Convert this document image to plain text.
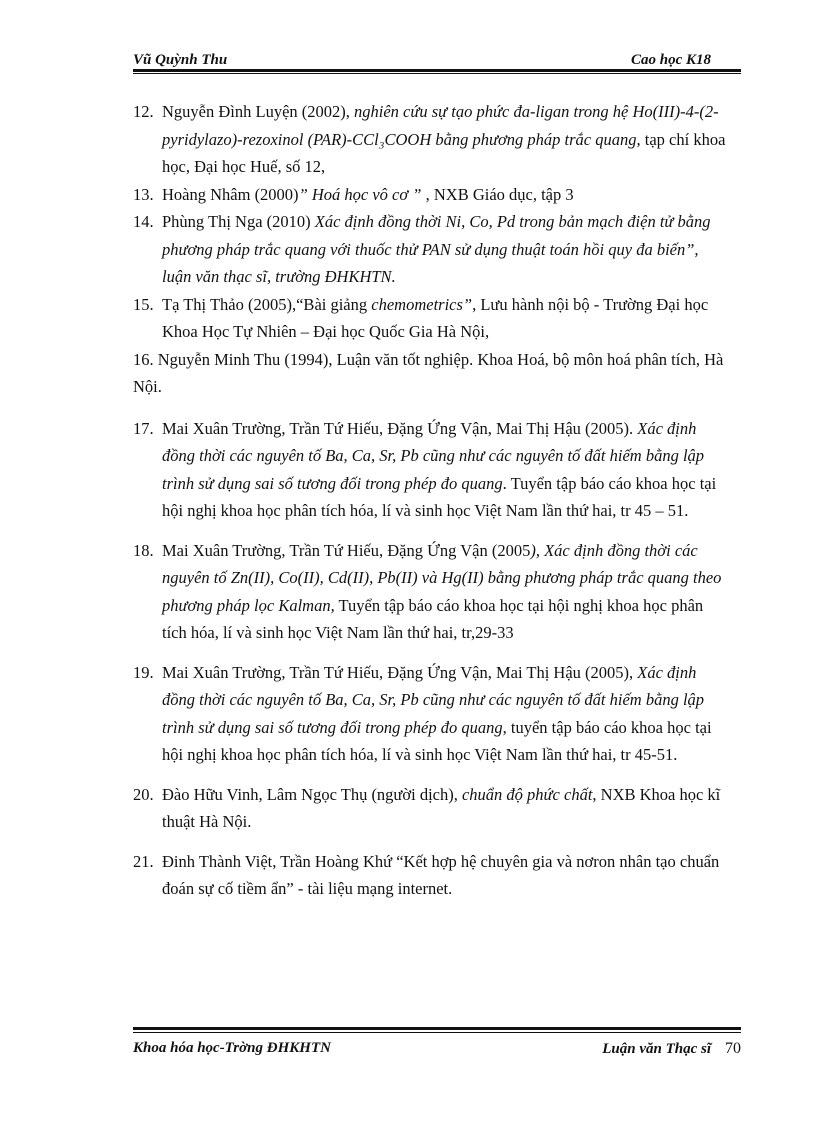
Vũ Quỳnh Thu	Cao học K18
12. Nguyễn Đình Luyện (2002), nghiên cứu sự tạo phức đa-ligan trong hệ Ho(III)-4-(2-pyridylazo)-rezoxinol (PAR)-CCl₃COOH bằng phương pháp trắc quang, tạp chí khoa học, Đại học Huế, số 12,
13. Hoàng Nhâm (2000)” Hoá học vô cơ ” , NXB Giáo dục, tập 3
14. Phùng Thị Nga (2010) Xác định đồng thời Ni, Co, Pd trong bản mạch điện tử bằng phương pháp trắc quang với thuốc thử PAN sử dụng thuật toán hồi quy đa biến”, luận văn thạc sĩ, trường ĐHKHTN.
15. Tạ Thị Thảo (2005),“Bài giảng chemometrics”, Lưu hành nội bộ - Trường Đại học Khoa Học Tự Nhiên – Đại học Quốc Gia Hà Nội,
16. Nguyễn Minh Thu (1994), Luận văn tốt nghiệp. Khoa Hoá, bộ môn hoá phân tích, Hà Nội.
17. Mai Xuân Trường, Trần Tứ Hiếu, Đặng Ứng Vận, Mai Thị Hậu (2005). Xác định đồng thời các nguyên tố Ba, Ca, Sr, Pb cũng như các nguyên tố đất hiếm bằng lập trình sử dụng sai số tương đối trong phép đo quang. Tuyển tập báo cáo khoa học tại hội nghị khoa học phân tích hóa, lí và sinh học Việt Nam lần thứ hai, tr 45 – 51.
18. Mai Xuân Trường, Trần Tứ Hiếu, Đặng Ứng Vận (2005), Xác định đồng thời các nguyên tố Zn(II), Co(II), Cd(II), Pb(II) và Hg(II) bằng phương pháp trắc quang theo phương pháp lọc Kalman, Tuyển tập báo cáo khoa học tại hội nghị khoa học phân tích hóa, lí và sinh học Việt Nam lần thứ hai, tr,29-33
19. Mai Xuân Trường, Trần Tứ Hiếu, Đặng Ứng Vận, Mai Thị Hậu (2005), Xác định đồng thời các nguyên tố Ba, Ca, Sr, Pb cũng như các nguyên tố đất hiếm bằng lập trình sử dụng sai số tương đối trong phép đo quang, tuyển tập báo cáo khoa học tại hội nghị khoa học phân tích hóa, lí và sinh học Việt Nam lần thứ hai, tr 45-51.
20. Đào Hữu Vinh, Lâm Ngọc Thụ (người dịch), chuẩn độ phức chất, NXB Khoa học kĩ thuật Hà Nội.
21. Đinh Thành Việt, Trần Hoàng Khứ “Kết hợp hệ chuyên gia và nơron nhân tạo chuẩn đoán sự cố tiềm ẩn” - tài liệu mạng internet.
Khoa hóa học-Trờng ĐHKHTN	Luận văn Thạc sĩ 70
